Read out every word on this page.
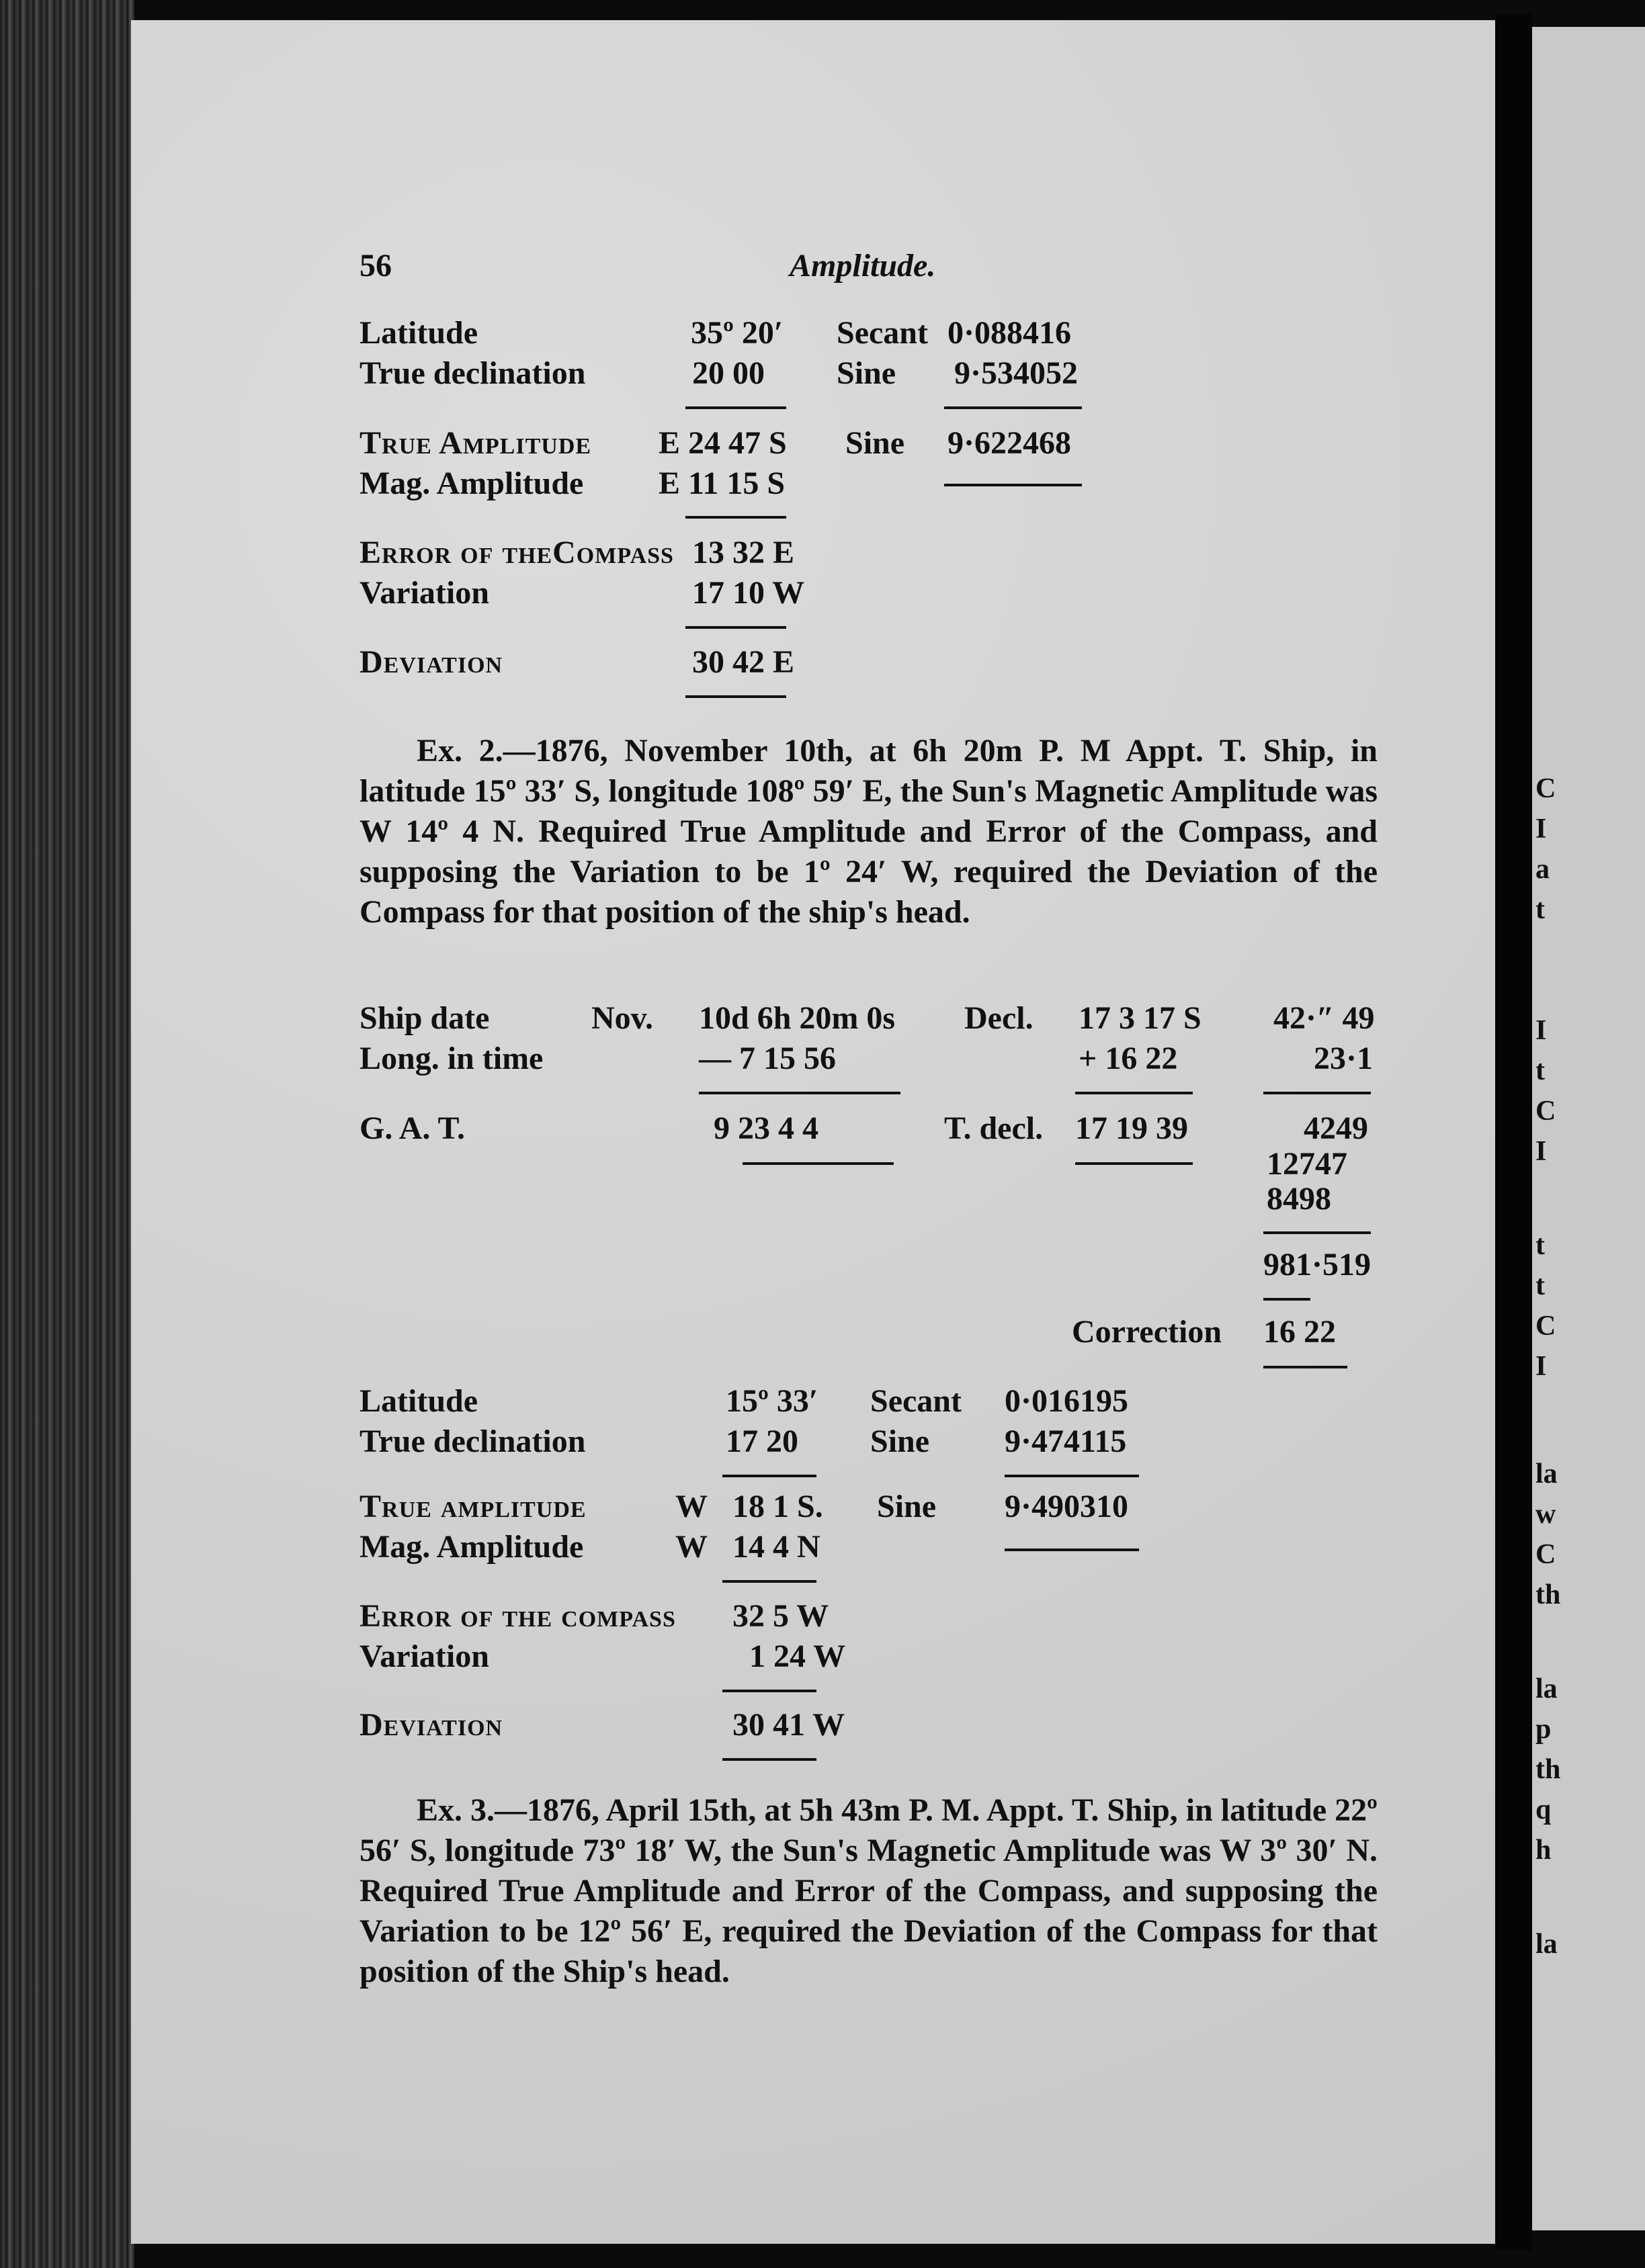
C
I
a
t
I
t
C
I
t
t
C
I
la
w
C
th
la
p
th
q
h
la
56	Amplitude.
Latitude	35º 20′ Secant 0·088416
True declination	20 00 Sine 9·534052
True Amplitude E 24 47 S Sine 9·622468
Mag. Amplitude E 11 15 S
Error of theCompass 13 32 E
Variation	17 10 W
Deviation	30 42 E
Ex. 2.—1876, November 10th, at 6h 20m P. M Appt. T. Ship, in latitude 15º 33′ S, longitude 108º 59′ E, the Sun's Magnetic Amplitude was W 14º 4 N. Required True Amplitude and Error of the Compass, and supposing the Variation to be 1º 24′ W, required the Deviation of the Compass for that position of the ship's head.
Ship date	Nov. 10d 6h 20m 0s Decl. 17 3 17 S 42·″ 49
Long. in time	— 7 15 56	+ 16 22	23·1
G. A. T.	9 23 4 4	T. decl. 17 19 39	4249
12747
8498
981·519
Correction 16 22
Latitude	15º 33′ Secant 0·016195
True declination	17 20 Sine 9·474115
True amplitude	W 18 1 S. Sine 9·490310
Mag. Amplitude	W 14 4 N
Error of the compass 32 5 W
Variation	1 24 W
Deviation	30 41 W
Ex. 3.—1876, April 15th, at 5h 43m P. M. Appt. T. Ship, in latitude 22º 56′ S, longitude 73º 18′ W, the Sun's Magnetic Amplitude was W 3º 30′ N. Required True Amplitude and Error of the Compass, and supposing the Variation to be 12º 56′ E, required the Deviation of the Compass for that position of the Ship's head.
